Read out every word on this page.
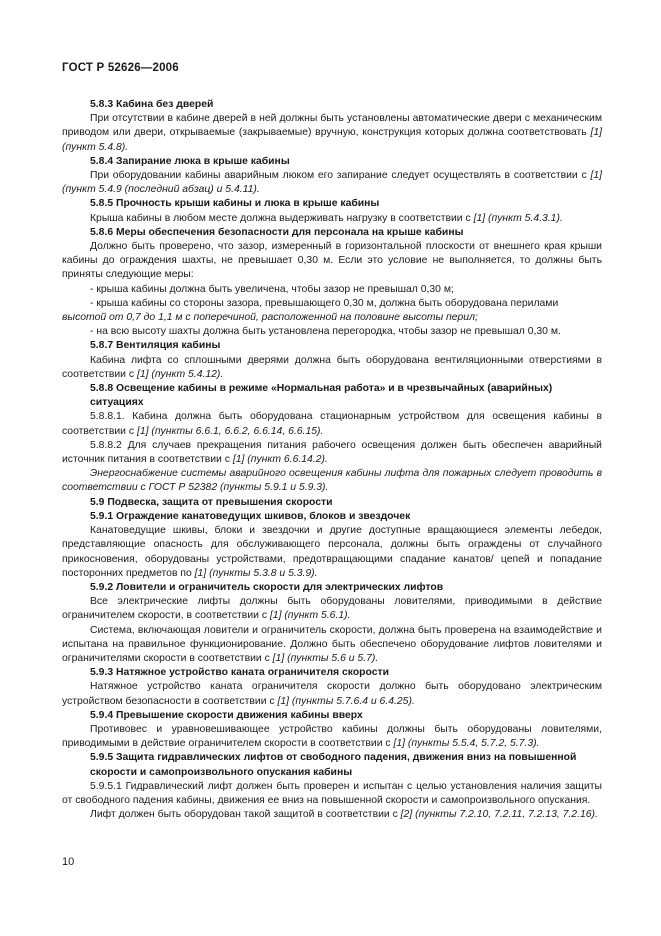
ГОСТ Р 52626—2006

5.8.3 Кабина без дверей

При отсутствии в кабине дверей в ней должны быть установлены автоматические двери с механическим приводом или двери, открываемые (закрываемые) вручную, конструкция которых должна соответствовать [1] (пункт 5.4.8).

5.8.4 Запирание люка в крыше кабины

При оборудовании кабины аварийным люком его запирание следует осуществлять в соответствии с [1] (пункт 5.4.9 (последний абзац) и 5.4.11).

5.8.5 Прочность крыши кабины и люка в крыше кабины

Крыша кабины в любом месте должна выдерживать нагрузку в соответствии с [1] (пункт 5.4.3.1).

5.8.6 Меры обеспечения безопасности для персонала на крыше кабины

Должно быть проверено, что зазор, измеренный в горизонтальной плоскости от внешнего края крыши кабины до ограждения шахты, не превышает 0,30 м. Если это условие не выполняется, то должны быть приняты следующие меры:

- крыша кабины должна быть увеличена, чтобы зазор не превышал 0,30 м;

- крыша кабины со стороны зазора, превышающего 0,30 м, должна быть оборудована перилами

высотой от 0,7 до 1,1 м с поперечиной, расположенной на половине высоты перил;

- на всю высоту шахты должна быть установлена перегородка, чтобы зазор не превышал 0,30 м.

5.8.7 Вентиляция кабины

Кабина лифта со сплошными дверями должна быть оборудована вентиляционными отверстиями в соответствии с [1] (пункт 5.4.12).

5.8.8 Освещение кабины в режиме «Нормальная работа» и в чрезвычайных (аварийных) ситуациях

5.8.8.1. Кабина должна быть оборудована стационарным устройством для освещения кабины в соответствии с [1] (пункты 6.6.1, 6.6.2, 6.6.14, 6.6.15).

5.8.8.2 Для случаев прекращения питания рабочего освещения должен быть обеспечен аварийный источник питания в соответствии с [1] (пункт 6.6.14.2).

Энергоснабжение системы аварийного освещения кабины лифта для пожарных следует проводить в соответствии с ГОСТ Р 52382 (пункты 5.9.1 и 5.9.3).

5.9 Подвеска, защита от превышения скорости

5.9.1 Ограждение канатоведущих шкивов, блоков и звездочек

Канатоведущие шкивы, блоки и звездочки и другие доступные вращающиеся элементы лебедок, представляющие опасность для обслуживающего персонала, должны быть ограждены от случайного прикосновения, оборудованы устройствами, предотвращающими спадание канатов/ цепей и попадание посторонних предметов по [1] (пункты 5.3.8 и 5.3.9).

5.9.2 Ловители и ограничитель скорости для электрических лифтов

Все электрические лифты должны быть оборудованы ловителями, приводимыми в действие ограничителем скорости, в соответствии с [1] (пункт 5.6.1).

Система, включающая ловители и ограничитель скорости, должна быть проверена на взаимодействие и испытана на правильное функционирование. Должно быть обеспечено оборудование лифтов ловителями и ограничителями скорости в соответствии с [1] (пункты 5.6 и 5.7).

5.9.3 Натяжное устройство каната ограничителя скорости

Натяжное устройство каната ограничителя скорости должно быть оборудовано электрическим устройством безопасности в соответствии с [1] (пункты 5.7.6.4 и 6.4.25).

5.9.4 Превышение скорости движения кабины вверх

Противовес и уравновешивающее устройство кабины должны быть оборудованы ловителями, приводимыми в действие ограничителем скорости в соответствии с [1] (пункты 5.5.4, 5.7.2, 5.7.3).

5.9.5 Защита гидравлических лифтов от свободного падения, движения вниз на повышенной скорости и самопроизвольного опускания кабины

5.9.5.1 Гидравлический лифт должен быть проверен и испытан с целью установления наличия защиты от свободного падения кабины, движения ее вниз на повышенной скорости и самопроизвольного опускания.

Лифт должен быть оборудован такой защитой в соответствии с [2] (пункты 7.2.10, 7.2.11, 7.2.13, 7.2.16).

10
